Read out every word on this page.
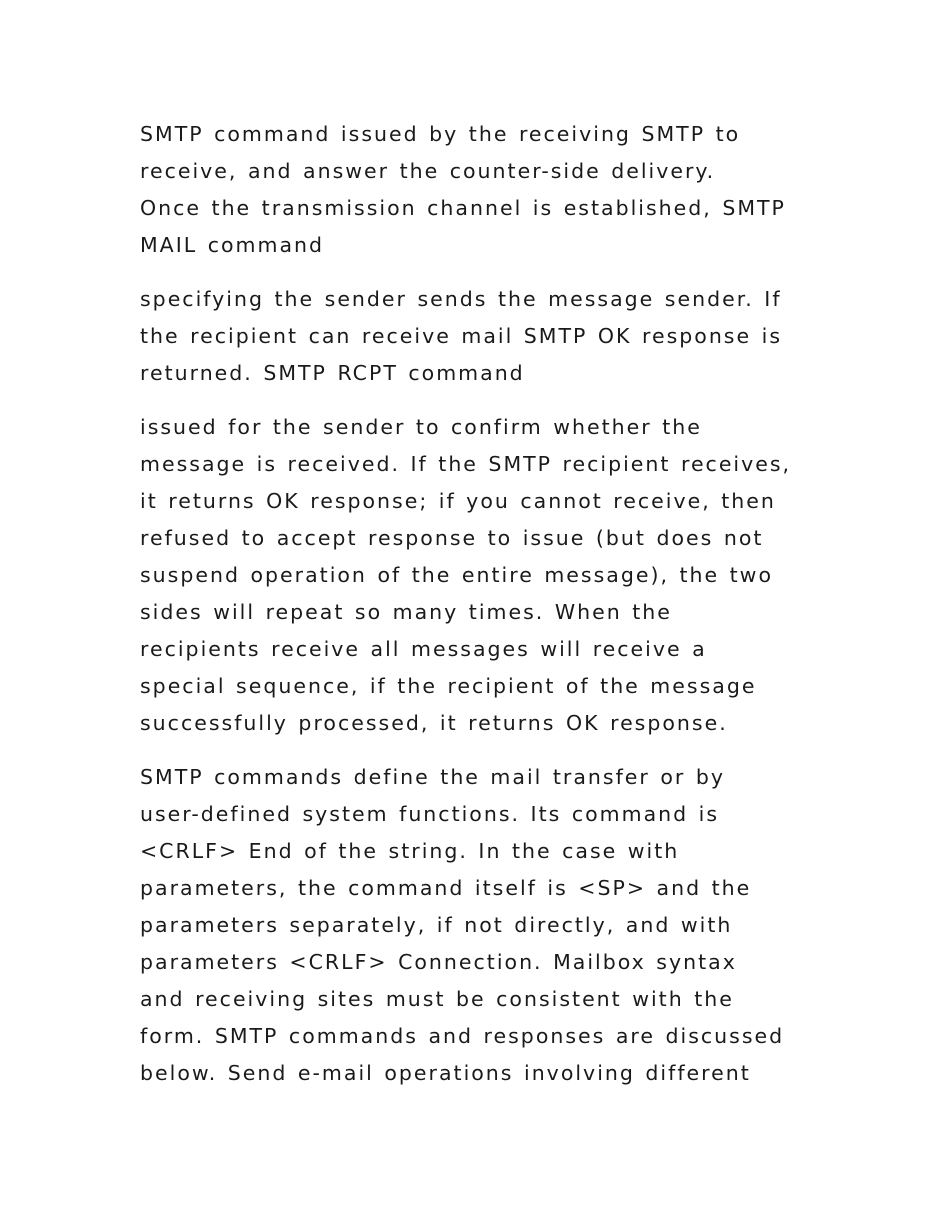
SMTP command issued by the receiving SMTP to
receive, and answer the counter-side delivery.
Once the transmission channel is established, SMTP
MAIL command

specifying the sender sends the message sender. If
the recipient can receive mail SMTP OK response is
returned. SMTP RCPT command

issued for the sender to confirm whether the
message is received. If the SMTP recipient receives,
it returns OK response; if you cannot receive, then
refused to accept response to issue (but does not
suspend operation of the entire message), the two
sides will repeat so many times. When the
recipients receive all messages will receive a
special sequence, if the recipient of the message
successfully processed, it returns OK response.

SMTP commands define the mail transfer or by
user-defined system functions. Its command is
<CRLF> End of the string. In the case with
parameters, the command itself is <SP> and the
parameters separately, if not directly, and with
parameters <CRLF> Connection. Mailbox syntax
and receiving sites must be consistent with the
form. SMTP commands and responses are discussed
below. Send e-mail operations involving different
